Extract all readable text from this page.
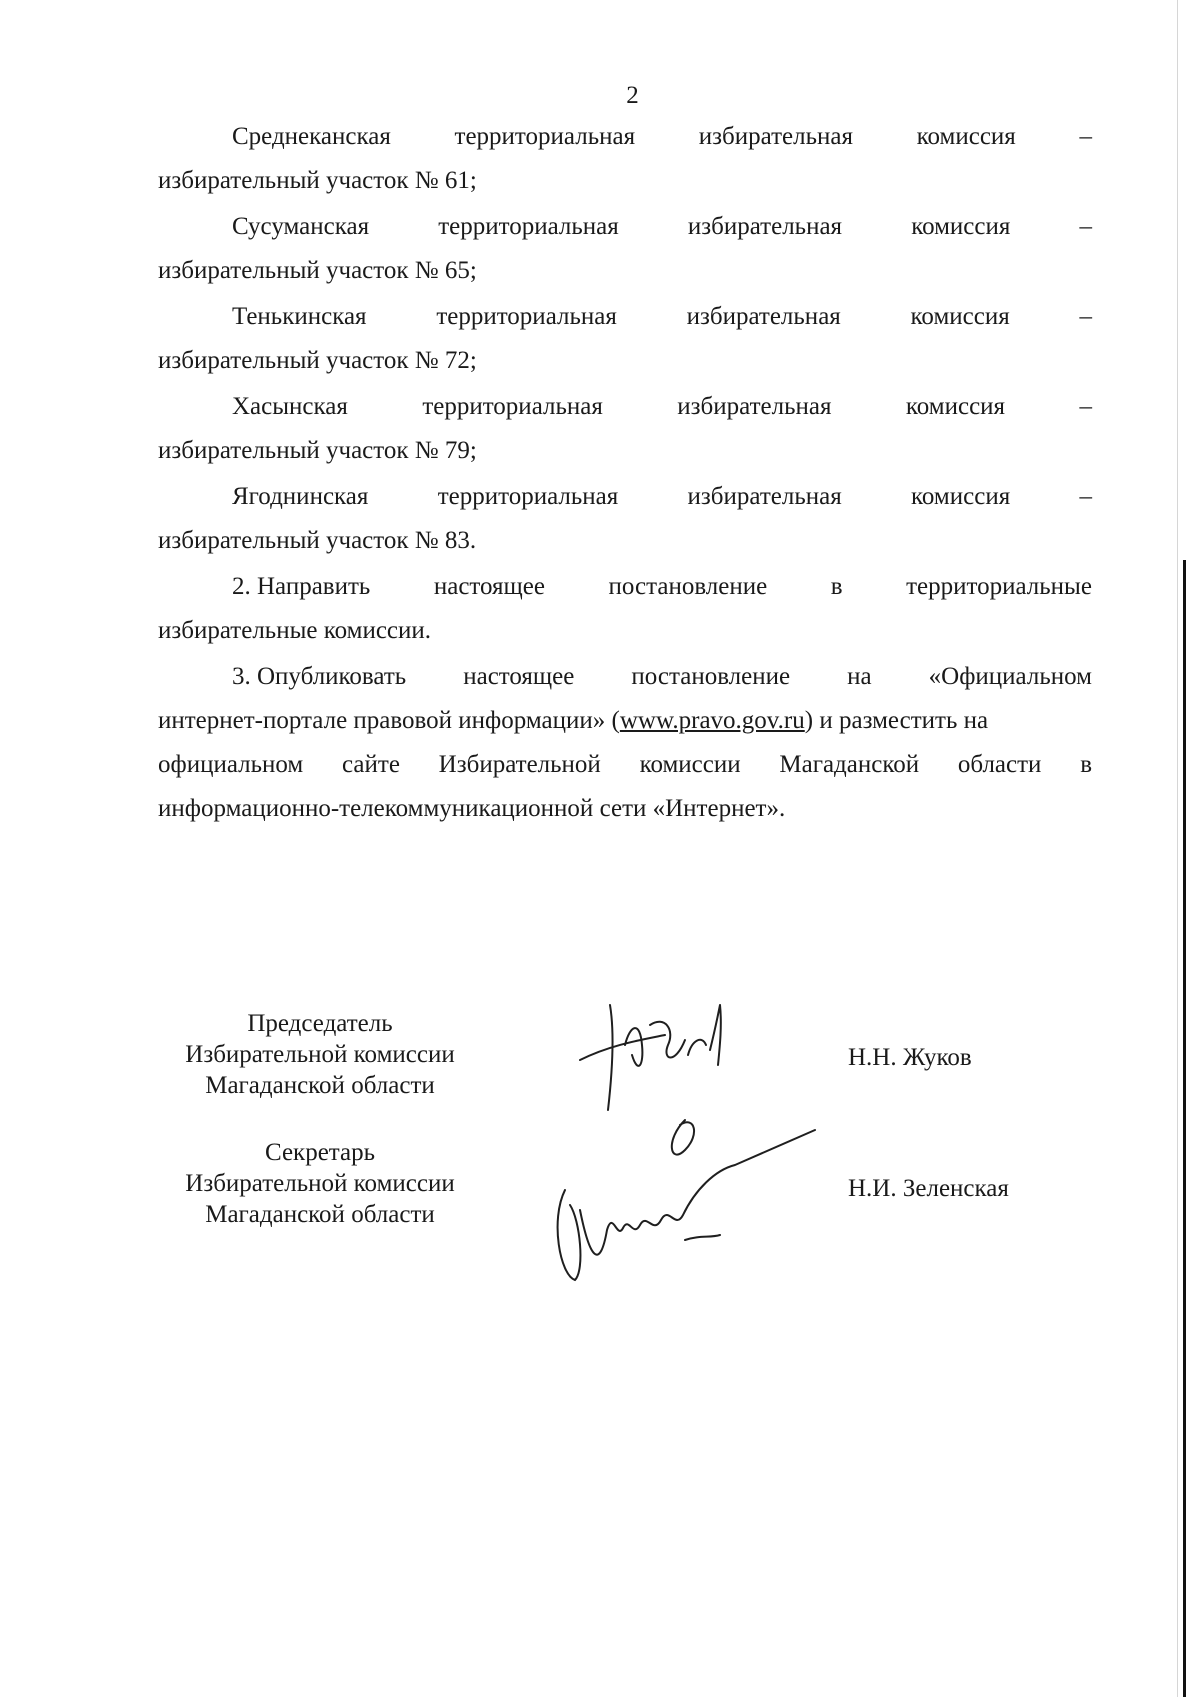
2
Среднеканская	территориальная	избирательная	комиссия	–
избирательный участок № 61;
Сусуманская	территориальная	избирательная	комиссия	–
избирательный участок № 65;
Тенькинская	территориальная	избирательная	комиссия	–
избирательный участок № 72;
Хасынская	территориальная	избирательная	комиссия	–
избирательный участок № 79;
Ягоднинская	территориальная	избирательная	комиссия	–
избирательный участок № 83.
2. Направить	настоящее	постановление	в	территориальные
избирательные комиссии.
3. Опубликовать настоящее постановление на «Официальном
интернет-портале правовой информации» (www.pravo.gov.ru) и разместить на
официальном сайте Избирательной комиссии Магаданской области в
информационно-телекоммуникационной сети «Интернет».
Председатель
Избирательной комиссии
Магаданской области
Н.Н. Жуков
Секретарь
Избирательной комиссии
Магаданской области
Н.И. Зеленская
